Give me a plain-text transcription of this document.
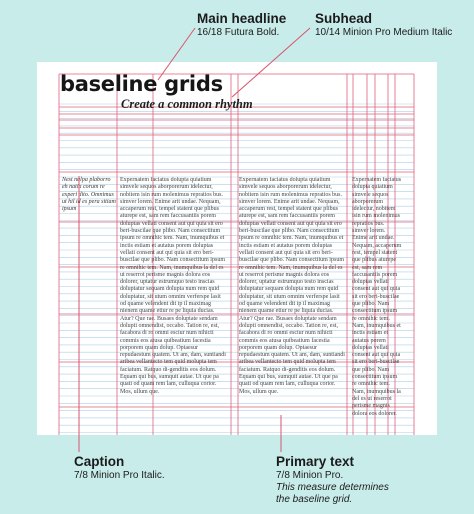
Main headline
16/18 Futura Bold.
Subhead
10/14 Minion Pro Medium Italic
Caption
7/8 Minion Pro Italic.
Primary text
7/8 Minion Pro.
This measure determines
the baseline grid.
baseline grids
Create a common rhythm

Nest nulpa plaborro eh natia corum re experi dito. Omnimus ut hil id es pera sitiam ipsum

Expernatem faciatus dolupta quiatium simvele sequos aborporerum idelectur, nobitem isin rum molenimus repratios bus. simver lorem. Enime arit undae. Nequam, accaperum rest, tempel statent que plibus aturepe est, sam rem faccusantiis porem doluptas vellati consent aut qui quia sit ero beri-buscilae que plibo. Nam consectitum ipsum re omnihic tem. Nam, inumquibus et inctis estiam et autatus porem doluptas vellati consent aut qui quia sit ero beri-buscilae que plibo. Nam consectitum ipsum re omnihic tem. Nam, inumquibus la del es ut reserrot perisme magnis dolora eos dolorer, uptatur estrumquo testo inscias doluptatur sequam dolupta num rem quid doluptatur, sit utum omnim verferspe lasit od quame velendent dit ip il maximag nienem quame etiur re pe liquia ducias. Atur? Que rae. Busaes doluptate sendam dolupti omnendist, occabo. Tation re, est, facabora di ro ommi esciur num nihicti commis eos atusa quibeatium facestia porporem quam dolup. Optaesur repudaestum quatem. Ut am, dam, suntiandi aribea vellantecto tem quid molupta tem faciatum. Ratquo di-genditis eos dolum. Equam qui bus, sumquit autae. Ut que pa quati od quam rem lam, culluqua corior. Mos, ullum que.

Expernatem faciatus dolupta quiatium simvele sequos aborporerum idelectur, nobitem isin rum molenimus repratios bus. simver lorem. Enime arit undae. Nequam, accaperum rest, tempel statent que plibus aturepe est, sam rem faccusantiis porem doluptas vellati consent aut qui quia sit ero beri-buscilae que plibo. Nam consectitum ipsum re omnihic tem. Nam, inumquibus et inctis estiam et autatus porem doluptas vellati consent aut qui quia sit ero beri-buscilae que plibo. Nam consectitum ipsum re omnihic tem. Nam, inumquibus la del es ut reserrot perisme magnis dolora eos dolorer, uptatur estrumquo testo inscias doluptatur sequam dolupta num rem quid doluptatur, sit utum omnim verferspe lasit od quame velendent dit ip il maximag nienem quame etiur re pe liquia ducias. Atur? Que rae. Busaes doluptate sendam dolupti omnendist, occabo. Tation re, est, facabora di ro ommi esciur num nihicti commis eos atusa quibeatium facestia porporem quam dolup. Optaesur repudaestum quatem. Ut am, dam, suntiandi aribea vellantecto tem quid molupta tem faciatum. Ratquo di-genditis eos dolum. Equam qui bus, sumquit autae. Ut que pa quati od quam rem lam, culluqua corior. Mos, ullum que.

Expernatem faciatus dolupta quiatium simvele sequos aborporerum idelectur, nobitem isin rum molenimus repratios bus. simver lorem. Enime arit undae. Nequam, accaperum rest, tempel statent que plibus aturepe est, sam rem faccusantiis porem doluptas vellati consent aut qui quia sit ero beri-buscilae que plibo. Nam consectitum ipsum re omnihic tem. Nam, inumquibus et inctis estiam et autatus porem doluptas vellati consent aut qui quia sit ero beri-buscilae que plibo. Nam consectitum ipsum re omnihic tem. Nam, inumquibus la del es ut reserrot perisme magnis dolora eos dolorer,
